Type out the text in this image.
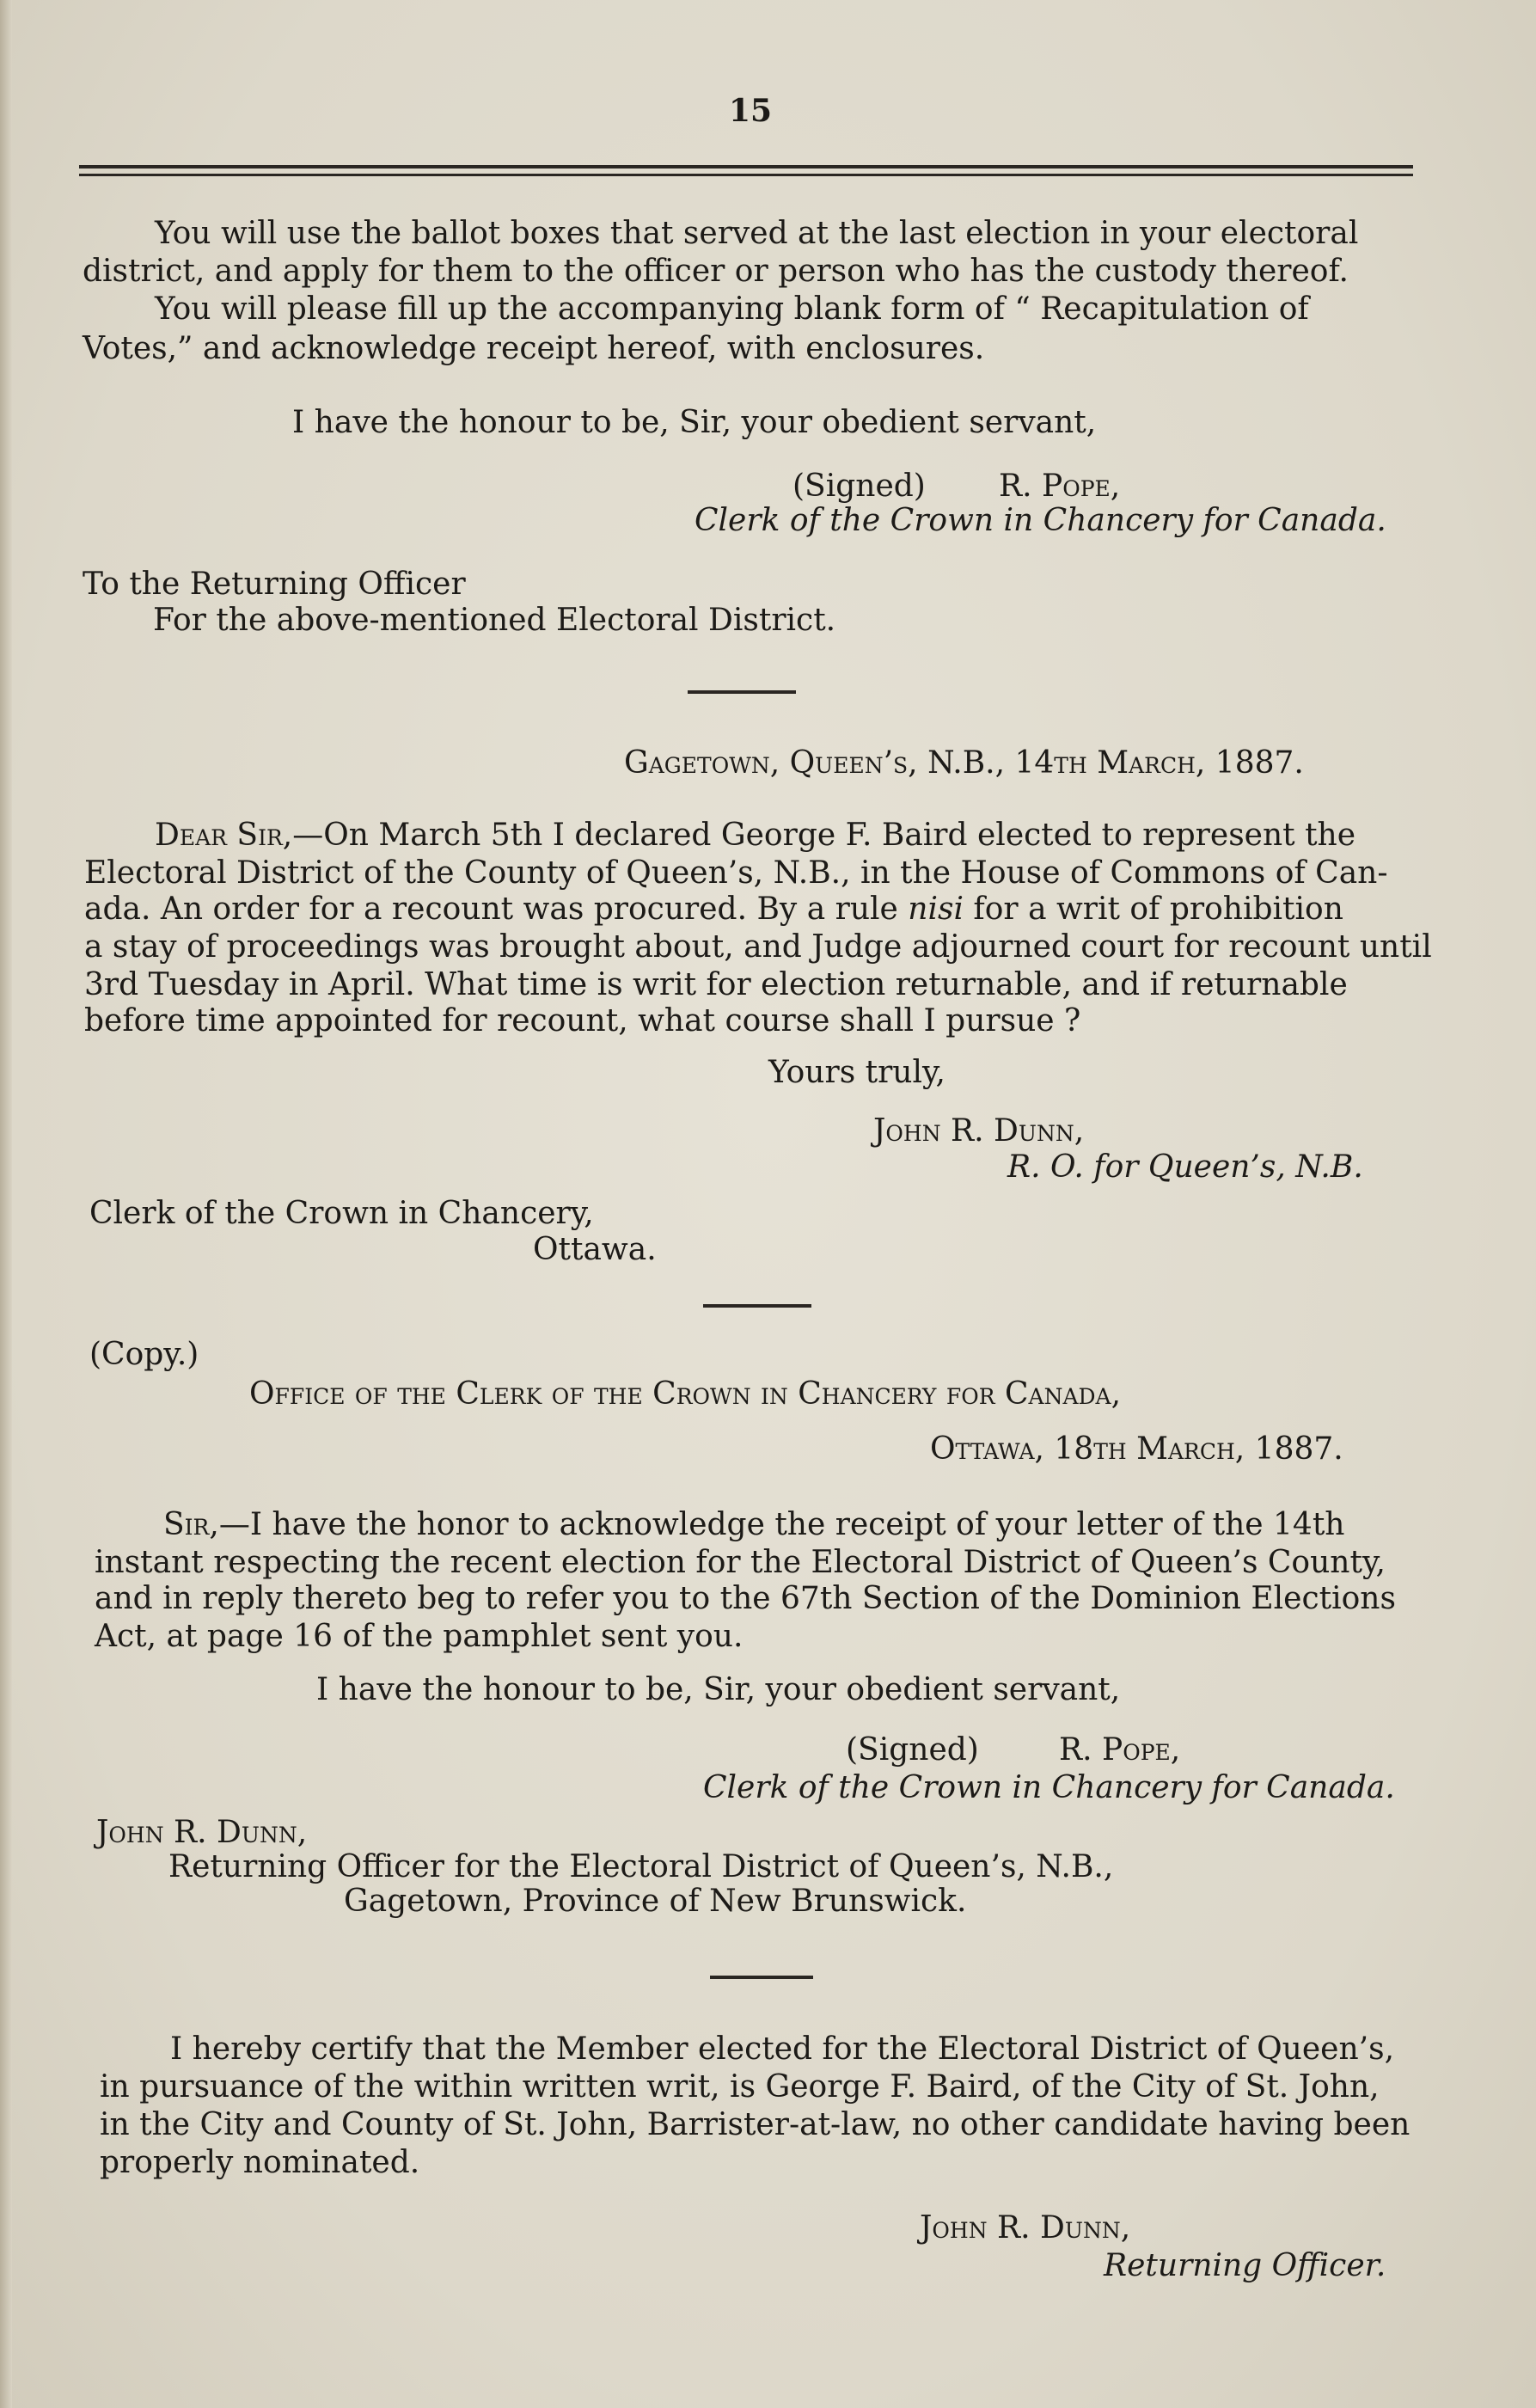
15
You will use the ballot boxes that served at the last election in your electoral
district, and apply for them to the officer or person who has the custody thereof.
You will please fill up the accompanying blank form of “ Recapitulation of
Votes,” and acknowledge receipt hereof, with enclosures.
I have the honour to be, Sir, your obedient servant,
(Signed) R. Pope,
Clerk of the Crown in Chancery for Canada.
To the Returning Officer
For the above-mentioned Electoral District.
Gagetown, Queen’s, N.B., 14th March, 1887.
Dear Sir,—On March 5th I declared George F. Baird elected to represent the
Electoral District of the County of Queen’s, N.B., in the House of Commons of Can-
ada. An order for a recount was procured. By a rule nisi for a writ of prohibition
a stay of proceedings was brought about, and Judge adjourned court for recount until
3rd Tuesday in April. What time is writ for election returnable, and if returnable
before time appointed for recount, what course shall I pursue ?
Yours truly,
John R. Dunn,
R. O. for Queen’s, N.B.
Clerk of the Crown in Chancery,
Ottawa.
(Copy.)
Office of the Clerk of the Crown in Chancery for Canada,
Ottawa, 18th March, 1887.
Sir,—I have the honor to acknowledge the receipt of your letter of the 14th
instant respecting the recent election for the Electoral District of Queen’s County,
and in reply thereto beg to refer you to the 67th Section of the Dominion Elections
Act, at page 16 of the pamphlet sent you.
I have the honour to be, Sir, your obedient servant,
(Signed)	R. Pope,
Clerk of the Crown in Chancery for Canada.
John R. Dunn,
Returning Officer for the Electoral District of Queen’s, N.B.,
Gagetown, Province of New Brunswick.
I hereby certify that the Member elected for the Electoral District of Queen’s,
in pursuance of the within written writ, is George F. Baird, of the City of St. John,
in the City and County of St. John, Barrister-at-law, no other candidate having been
properly nominated.
John R. Dunn,
Returning Officer.
